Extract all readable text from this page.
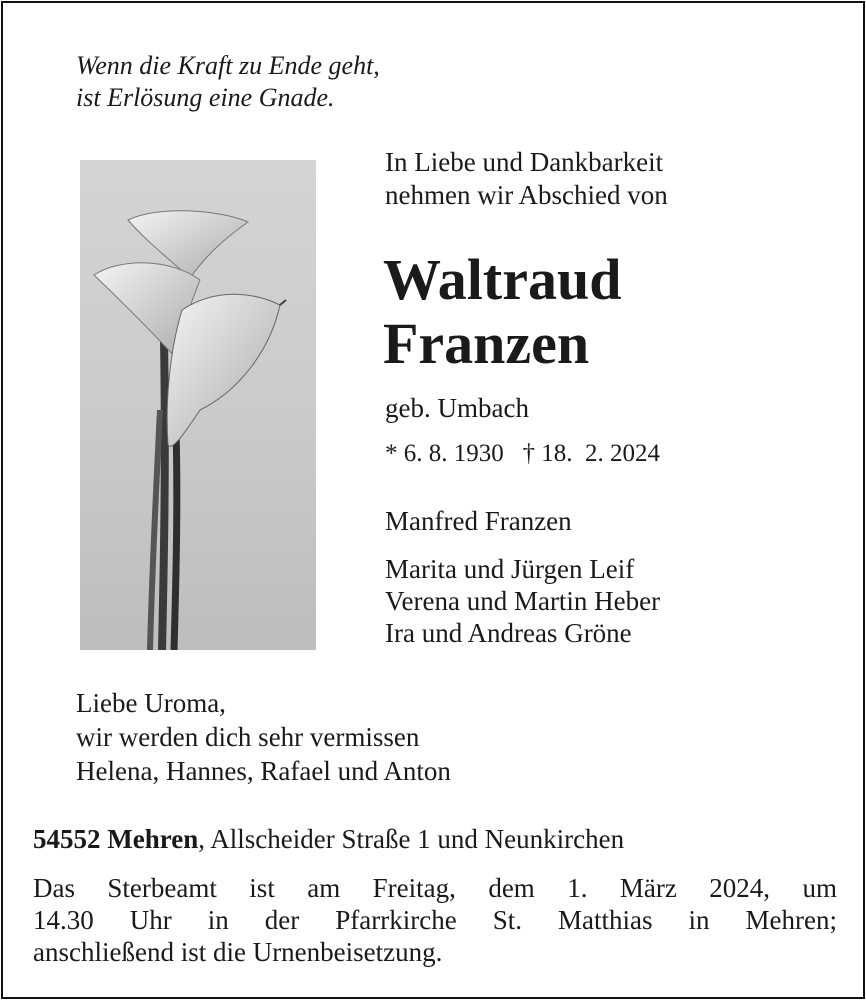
Wenn die Kraft zu Ende geht,
ist Erlösung eine Gnade.
In Liebe und Dankbarkeit
nehmen wir Abschied von
Waltraud
Franzen
geb. Umbach
* 6. 8. 1930 † 18.  2. 2024
Manfred Franzen
Marita und Jürgen Leif
Verena und Martin Heber
Ira und Andreas Gröne
Liebe Uroma,
wir werden dich sehr vermissen
Helena, Hannes, Rafael und Anton
54552 Mehren, Allscheider Straße 1 und Neunkirchen
Das Sterbeamt ist am Freitag, dem 1. März 2024, um
14.30 Uhr in der Pfarrkirche St. Matthias in Mehren;
anschließend ist die Urnenbeisetzung.
